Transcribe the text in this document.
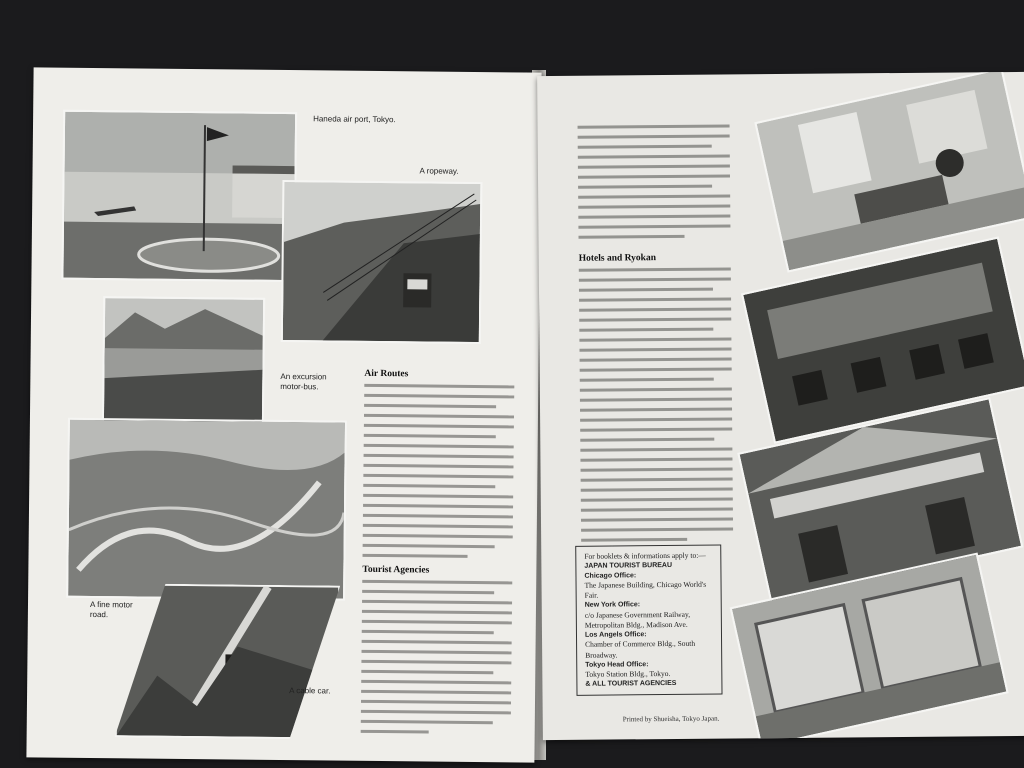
Haneda air port, Tokyo.
A ropeway.
An excursion motor-bus.
A fine motor road.
A cable car.
Air Routes
Tourist Agencies
Hotels and Ryokan
For booklets & informations apply to:—
JAPAN TOURIST BUREAU
Chicago Office:
The Japanese Building, Chicago World's Fair.
New York Office:
c/o Japanese Government Railway, Metropolitan Bldg., Madison Ave.
Los Angels Office:
Chamber of Commerce Bldg., South Broadway.
Tokyo Head Office:
Tokyo Station Bldg., Tokyo.
& ALL TOURIST AGENCIES
Printed by Shueisha, Tokyo Japan.
